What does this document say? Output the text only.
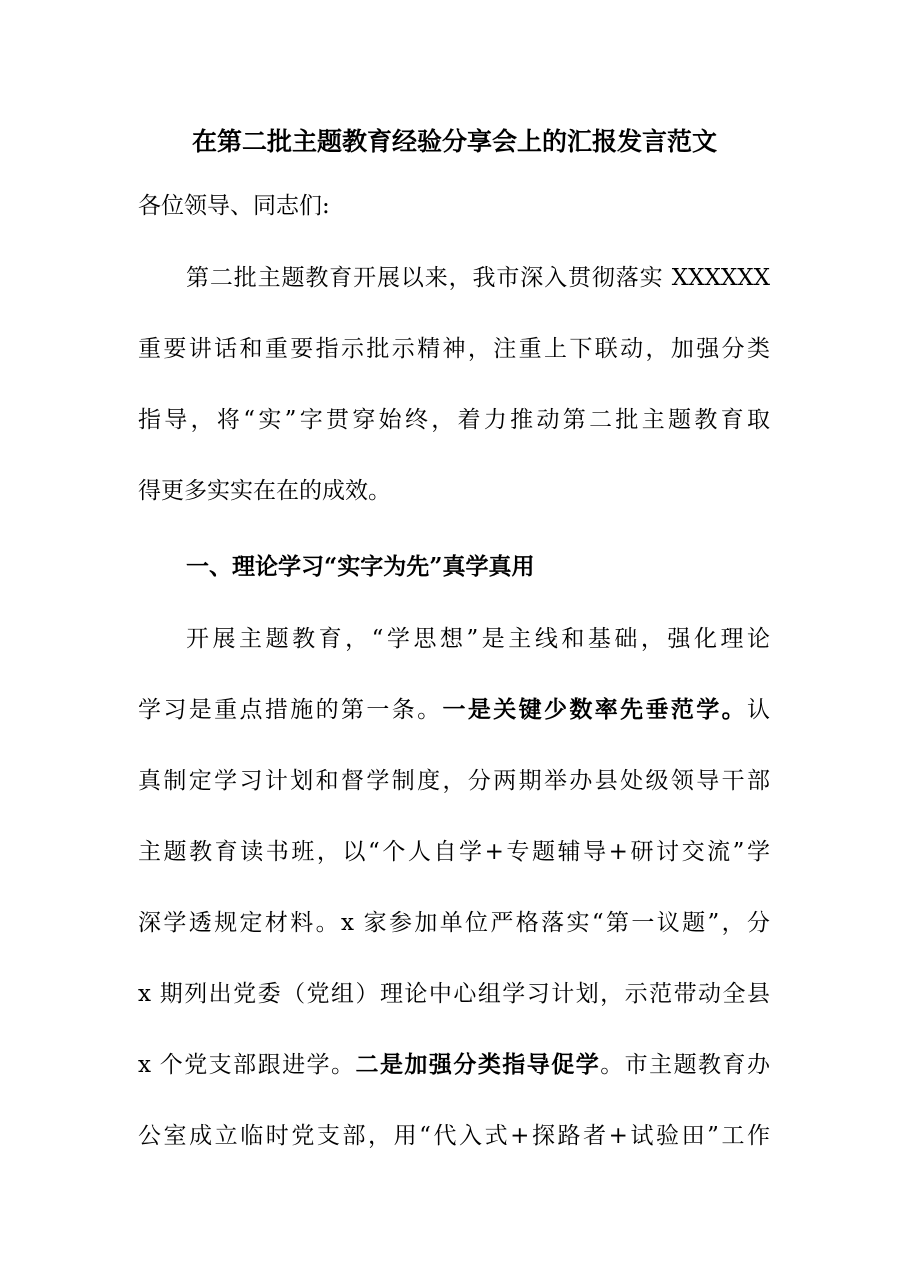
在第二批主题教育经验分享会上的汇报发言范文
各位领导、同志们:
第二批主题教育开展以来，我市深入贯彻落实 XXXXXX
重要讲话和重要指示批示精神，注重上下联动，加强分类
指导，将“实”字贯穿始终，着力推动第二批主题教育取
得更多实实在在的成效。
一、理论学习“实字为先”真学真用
开展主题教育，“学思想”是主线和基础，强化理论
学习是重点措施的第一条。一是关键少数率先垂范学。认
真制定学习计划和督学制度，分两期举办县处级领导干部
主题教育读书班，以“个人自学+专题辅导+研讨交流”学
深学透规定材料。x 家参加单位严格落实“第一议题”，分
x 期列出党委（党组）理论中心组学习计划，示范带动全县
x 个党支部跟进学。二是加强分类指导促学。市主题教育办
公室成立临时党支部，用“代入式+探路者+试验田”工作
